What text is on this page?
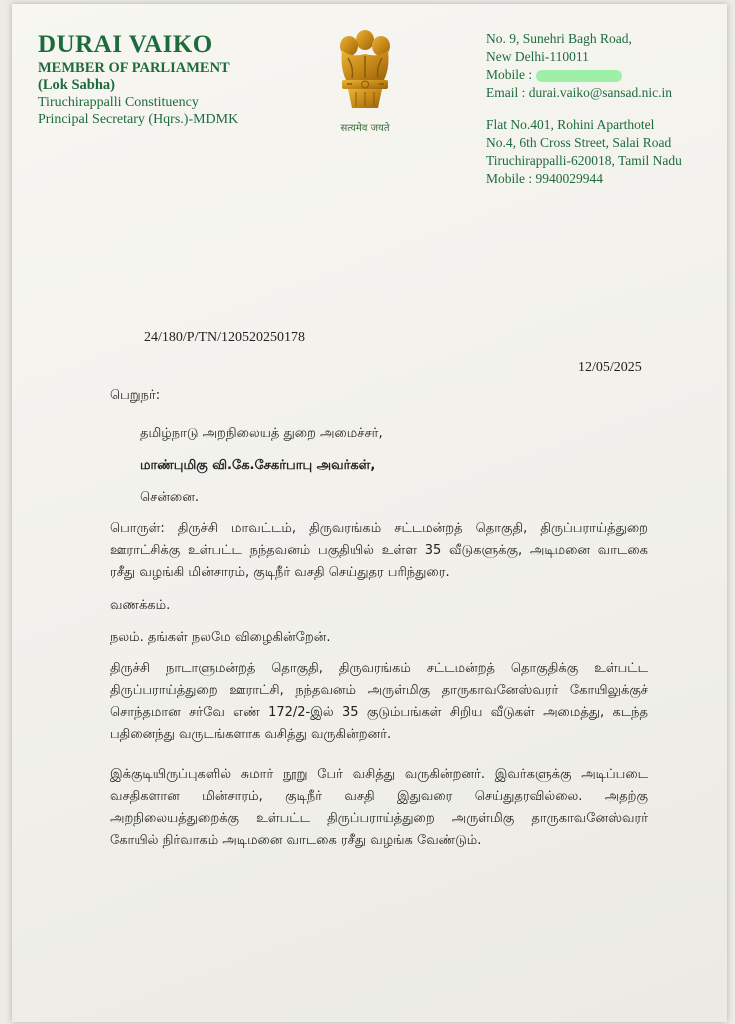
DURAI VAIKO
MEMBER OF PARLIAMENT
(Lok Sabha)
Tiruchirappalli Constituency
Principal Secretary (Hqrs.)-MDMK
सत्यमेव जयते
No. 9, Sunehri Bagh Road,
New Delhi-110011
Mobile :
Email : durai.vaiko@sansad.nic.in
Flat No.401, Rohini Aparthotel
No.4, 6th Cross Street, Salai Road
Tiruchirappalli-620018, Tamil Nadu
Mobile : 9940029944
24/180/P/TN/120520250178
12/05/2025
பெறுநர்:
தமிழ்நாடு அறநிலையத் துறை அமைச்சர்,
மாண்புமிகு வி.கே.சேகர்பாபு அவர்கள்,
சென்னை.

பொருள்: திருச்சி மாவட்டம், திருவரங்கம் சட்டமன்றத் தொகுதி, திருப்பராய்த்துறை ஊராட்சிக்கு உள்பட்ட நந்தவனம் பகுதியில் உள்ள 35 வீடுகளுக்கு, அடிமனை வாடகை ரசீது வழங்கி மின்சாரம், குடிநீர் வசதி செய்துதர பரிந்துரை.

வணக்கம்.
நலம். தங்கள் நலமே விழைகின்றேன்.

திருச்சி நாடாளுமன்றத் தொகுதி, திருவரங்கம் சட்டமன்றத் தொகுதிக்கு உள்பட்ட திருப்பராய்த்துறை ஊராட்சி, நந்தவனம் அருள்மிகு தாருகாவனேஸ்வரர் கோயிலுக்குச் சொந்தமான சர்வே எண் 172/2-இல் 35 குடும்பங்கள் சிறிய வீடுகள் அமைத்து, கடந்த பதினைந்து வருடங்களாக வசித்து வருகின்றனர்.

இக்குடியிருப்புகளில் சுமார் நூறு பேர் வசித்து வருகின்றனர். இவர்களுக்கு அடிப்படை வசதிகளான மின்சாரம், குடிநீர் வசதி இதுவரை செய்துதரவில்லை. அதற்கு அறநிலையத்துறைக்கு உள்பட்ட திருப்பராய்த்துறை அருள்மிகு தாருகாவனேஸ்வரர் கோயில் நிர்வாகம் அடிமனை வாடகை ரசீது வழங்க வேண்டும்.
